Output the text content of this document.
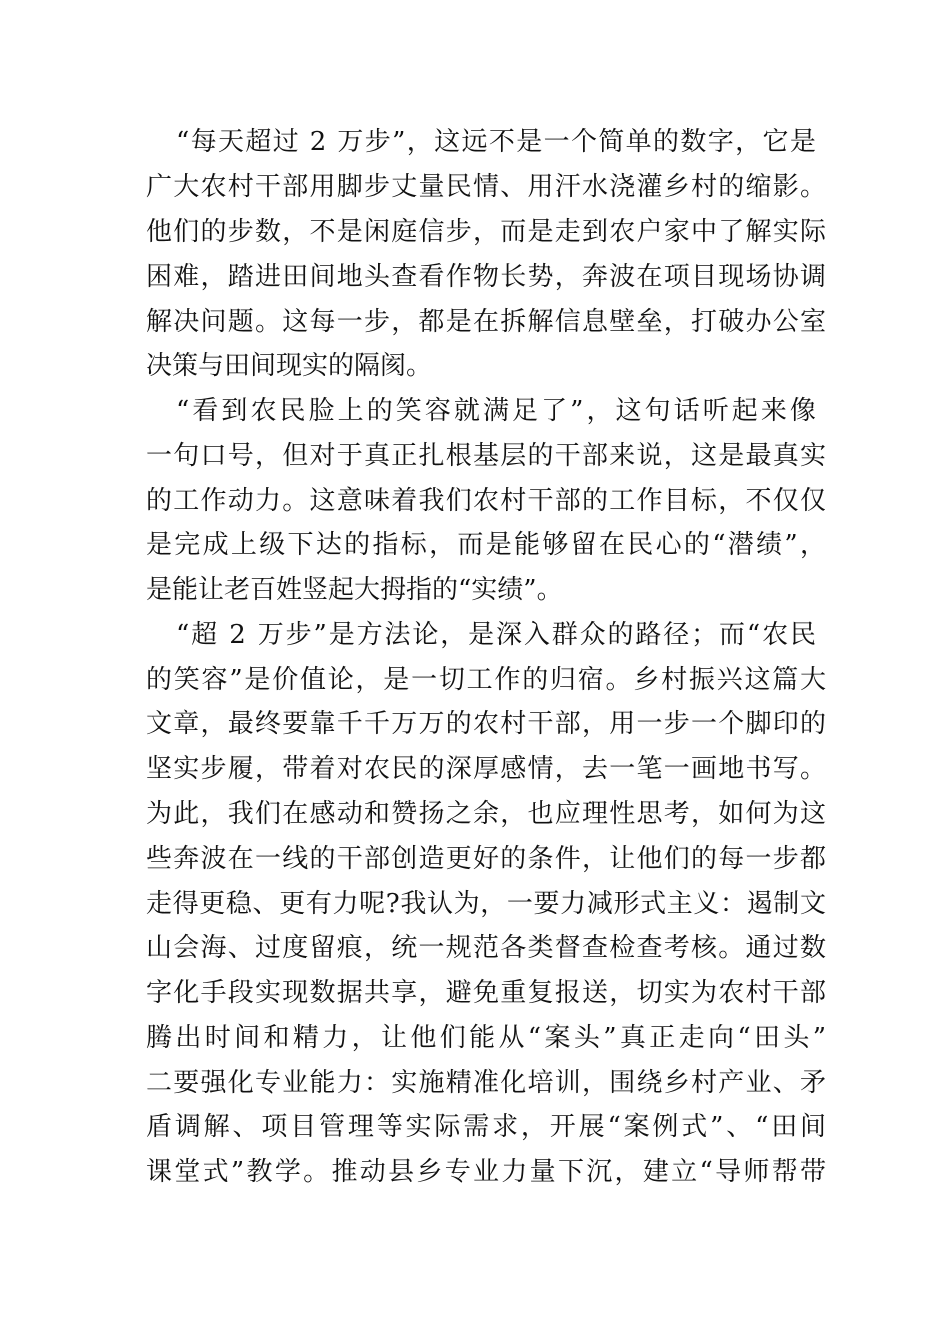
“每天超过 2 万步”，这远不是一个简单的数字，它是
广大农村干部用脚步丈量民情、用汗水浇灌乡村的缩影。
他们的步数，不是闲庭信步，而是走到农户家中了解实际
困难，踏进田间地头查看作物长势，奔波在项目现场协调
解决问题。这每一步，都是在拆解信息壁垒，打破办公室
决策与田间现实的隔阂。
“看到农民脸上的笑容就满足了”，这句话听起来像
一句口号，但对于真正扎根基层的干部来说，这是最真实
的工作动力。这意味着我们农村干部的工作目标，不仅仅
是完成上级下达的指标，而是能够留在民心的“潜绩”，
是能让老百姓竖起大拇指的“实绩”。
“超 2 万步”是方法论，是深入群众的路径；而“农民
的笑容”是价值论，是一切工作的归宿。乡村振兴这篇大
文章，最终要靠千千万万的农村干部，用一步一个脚印的
坚实步履，带着对农民的深厚感情，去一笔一画地书写。
为此，我们在感动和赞扬之余，也应理性思考，如何为这
些奔波在一线的干部创造更好的条件，让他们的每一步都
走得更稳、更有力呢?我认为，一要力减形式主义：遏制文
山会海、过度留痕，统一规范各类督查检查考核。通过数
字化手段实现数据共享，避免重复报送，切实为农村干部
腾出时间和精力，让他们能从“案头”真正走向“田头”
二要强化专业能力：实施精准化培训，围绕乡村产业、矛
盾调解、项目管理等实际需求，开展“案例式”、“田间
课堂式”教学。推动县乡专业力量下沉，建立“导师帮带
